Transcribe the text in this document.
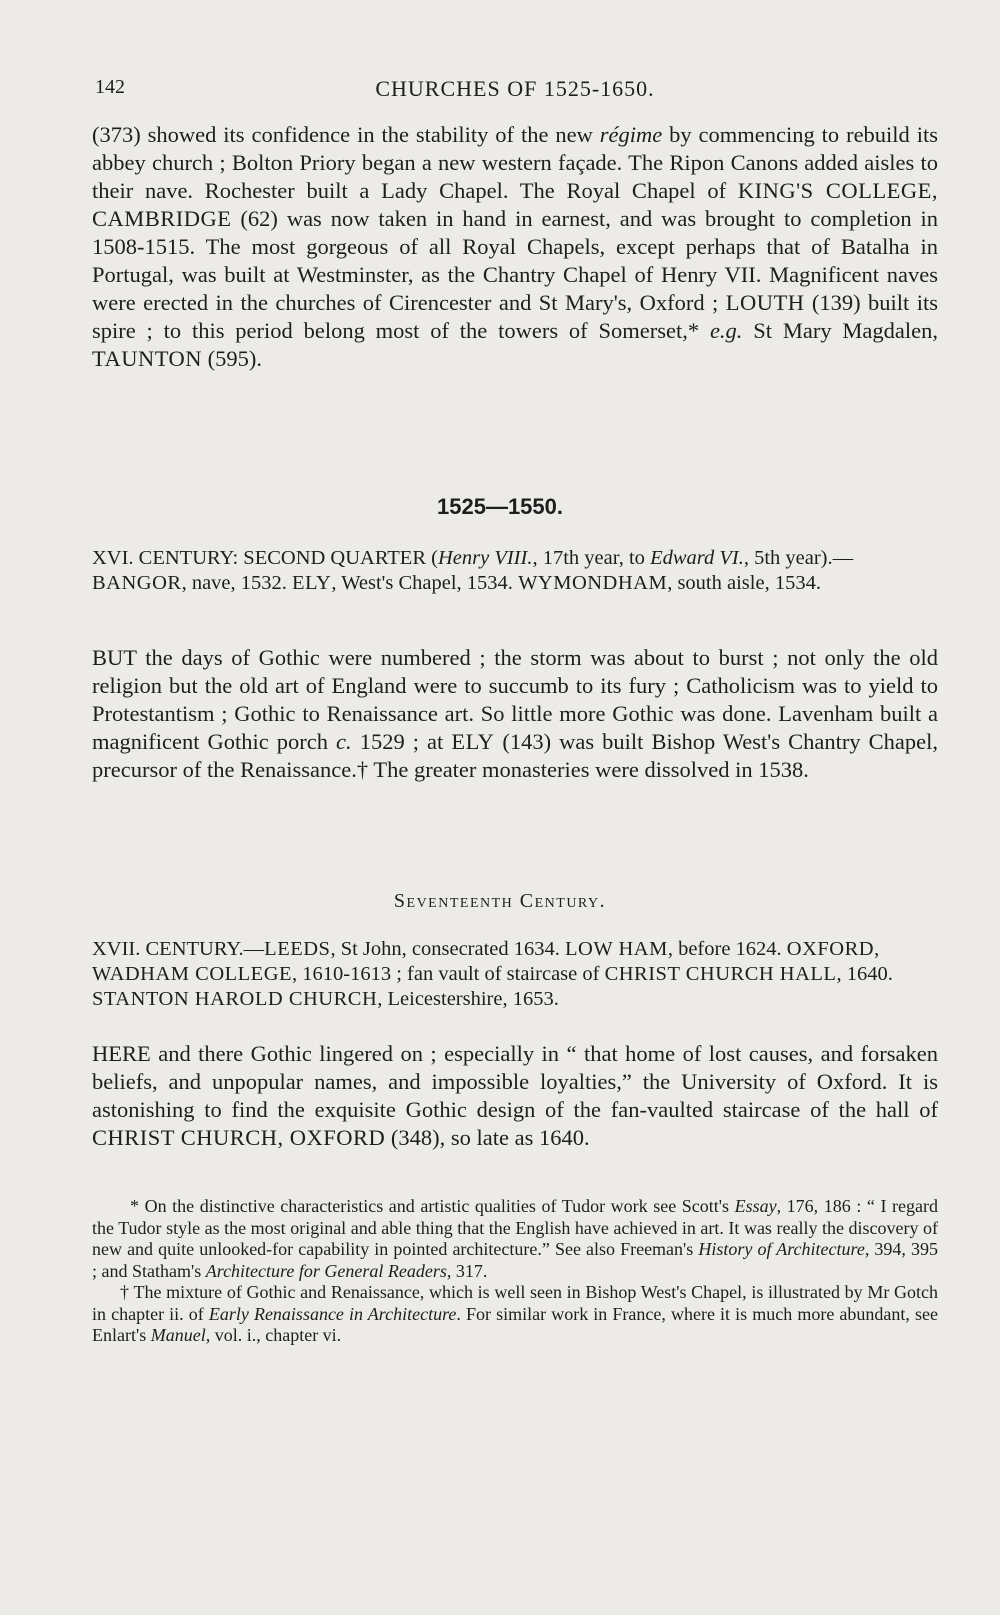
142	CHURCHES OF 1525-1650.

(373) showed its confidence in the stability of the new régime by commencing to rebuild its abbey church ; Bolton Priory began a new western façade. The Ripon Canons added aisles to their nave. Rochester built a Lady Chapel. The Royal Chapel of KING'S COLLEGE, CAMBRIDGE (62) was now taken in hand in earnest, and was brought to completion in 1508-1515. The most gorgeous of all Royal Chapels, except perhaps that of Batalha in Portugal, was built at Westminster, as the Chantry Chapel of Henry VII. Magnificent naves were erected in the churches of Cirencester and St Mary's, Oxford ; LOUTH (139) built its spire ; to this period belong most of the towers of Somerset,* e.g. St Mary Magdalen, TAUNTON (595).

1525—1550.

XVI. CENTURY: SECOND QUARTER (Henry VIII., 17th year, to Edward VI., 5th year).—BANGOR, nave, 1532. ELY, West's Chapel, 1534. WYMONDHAM, south aisle, 1534.

BUT the days of Gothic were numbered ; the storm was about to burst ; not only the old religion but the old art of England were to succumb to its fury ; Catholicism was to yield to Protestantism ; Gothic to Renaissance art. So little more Gothic was done. Lavenham built a magnificent Gothic porch c. 1529 ; at ELY (143) was built Bishop West's Chantry Chapel, precursor of the Renaissance.† The greater monasteries were dissolved in 1538.

Seventeenth Century.

XVII. CENTURY.—LEEDS, St John, consecrated 1634. LOW HAM, before 1624. OXFORD, WADHAM COLLEGE, 1610-1613 ; fan vault of staircase of CHRIST CHURCH HALL, 1640. STANTON HAROLD CHURCH, Leicestershire, 1653.

HERE and there Gothic lingered on ; especially in “ that home of lost causes, and forsaken beliefs, and unpopular names, and impossible loyalties,” the University of Oxford. It is astonishing to find the exquisite Gothic design of the fan-vaulted staircase of the hall of CHRIST CHURCH, OXFORD (348), so late as 1640.

* On the distinctive characteristics and artistic qualities of Tudor work see Scott's Essay, 176, 186 : “ I regard the Tudor style as the most original and able thing that the English have achieved in art. It was really the discovery of new and quite unlooked-for capability in pointed architecture.” See also Freeman's History of Architecture, 394, 395 ; and Statham's Architecture for General Readers, 317.

† The mixture of Gothic and Renaissance, which is well seen in Bishop West's Chapel, is illustrated by Mr Gotch in chapter ii. of Early Renaissance in Architecture. For similar work in France, where it is much more abundant, see Enlart's Manuel, vol. i., chapter vi.
